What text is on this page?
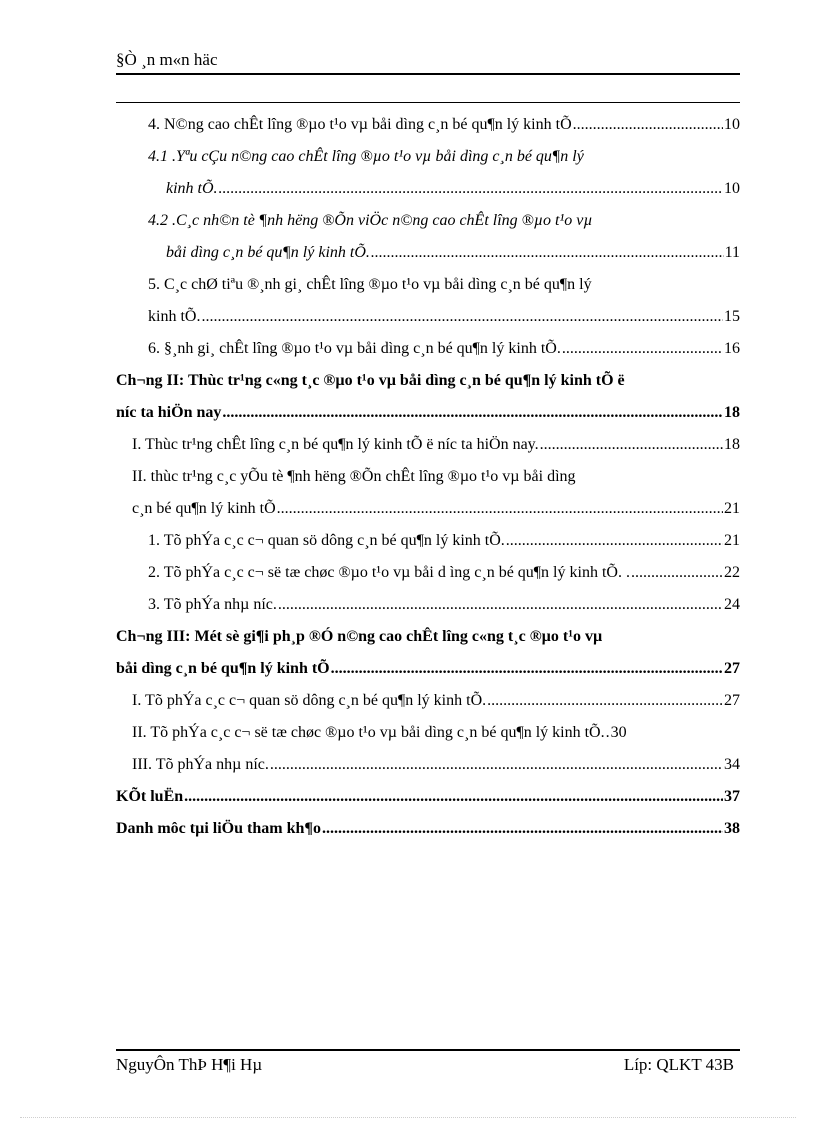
§Ò ¸n m«n häc
4. N©ng cao chÊt lîng ®µo t¹o vµ båi dìng c¸n bé qu¶n lý kinh tÕ .....	10
4.1 .Yªu cÇu n©ng cao chÊt lîng ®µo t¹o vµ båi dìng c¸n bé qu¶n lý
kinh tÕ. .....	10
4.2 .C¸c nh©n tè ¶nh hëng ®Õn viÖc n©ng cao chÊt lîng ®µo t¹o vµ
båi dìng c¸n bé qu¶n lý kinh tÕ. .....	11
5. C¸c chØ tiªu ®¸nh gi¸ chÊt lîng ®µo t¹o vµ båi dìng c¸n bé qu¶n lý
kinh tÕ. .....	15
6. §¸nh gi¸ chÊt lîng ®µo t¹o vµ båi dìng c¸n bé qu¶n lý kinh tÕ. .....	16
Ch¬ng II: Thùc tr¹ng c«ng t¸c ®µo t¹o vµ båi dìng c¸n bé qu¶n lý kinh tÕ ë
níc ta hiÖn nay .....	18
I. Thùc tr¹ng chÊt lîng c¸n bé qu¶n lý kinh tÕ ë níc ta hiÖn nay. .....	18
II. thùc tr¹ng c¸c yÕu tè ¶nh hëng ®Õn chÊt lîng ®µo t¹o vµ båi dìng
c¸n bé qu¶n lý kinh tÕ .....	21
1. Tõ phÝa c¸c c¬ quan sö dông c¸n bé qu¶n lý kinh tÕ. .....	21
2. Tõ phÝa c¸c c¬ së tæ chøc ®µo t¹o vµ båi d ìng c¸n bé qu¶n lý kinh tÕ. . .....	22
3. Tõ phÝa nhµ níc. .....	24
Ch¬ng III: Mét sè gi¶i ph¸p ®Ó n©ng cao chÊt lîng c«ng t¸c ®µo t¹o vµ
båi dìng c¸n bé qu¶n lý kinh tÕ .....	27
I. Tõ phÝa c¸c c¬ quan sö dông c¸n bé qu¶n lý kinh tÕ. .....	27
II. Tõ phÝa c¸c c¬ së tæ chøc ®µo t¹o vµ båi dìng c¸n bé qu¶n lý kinh tÕ. ..... 30
III. Tõ phÝa nhµ níc. .....	34
KÕt luËn .....	37
Danh môc tµi liÖu tham kh¶o .....	38
NguyÔn ThÞ H¶i Hµ	Líp: QLKT 43B
